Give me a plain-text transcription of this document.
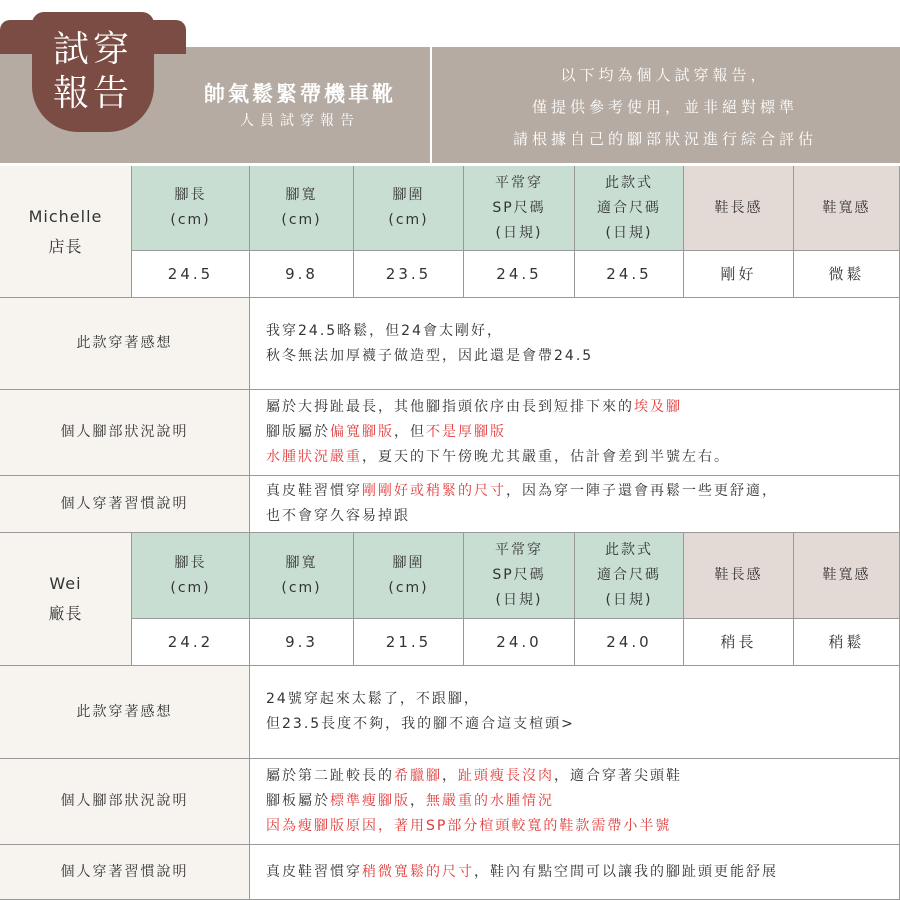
試穿
報告	帥氣鬆緊帶機車靴
人員試穿報告
以下均為個人試穿報告，
僅提供參考使用，並非絕對標準
請根據自己的腳部狀況進行綜合評估
Michelle
店長
腳長
(cm)
24.5
腳寬
(cm)
9.8
腳圍
(cm)
23.5
平常穿
SP尺碼
(日規)
24.5
此款式
適合尺碼
(日規)
24.5
鞋長感
剛好
鞋寬感
微鬆
此款穿著感想
我穿24.5略鬆，但24會太剛好，
秋冬無法加厚襪子做造型，因此還是會帶24.5
個人腳部狀況說明
屬於大拇趾最長，其他腳指頭依序由長到短排下來的埃及腳
腳版屬於偏寬腳版，但不是厚腳版
水腫狀況嚴重，夏天的下午傍晚尤其嚴重，估計會差到半號左右。
個人穿著習慣說明
真皮鞋習慣穿剛剛好或稍緊的尺寸，因為穿一陣子還會再鬆一些更舒適，
也不會穿久容易掉跟
Wei
廠長
腳長
(cm)
24.2
腳寬
(cm)
9.3
腳圍
(cm)
21.5
平常穿
SP尺碼
(日規)
24.0
此款式
適合尺碼
(日規)
24.0
鞋長感
稍長
鞋寬感
稍鬆
此款穿著感想
24號穿起來太鬆了，不跟腳，
但23.5長度不夠，我的腳不適合這支楦頭>
個人腳部狀況說明
屬於第二趾較長的希臘腳，趾頭瘦長沒肉，適合穿著尖頭鞋
腳板屬於標準瘦腳版，無嚴重的水腫情況
因為瘦腳版原因，著用SP部分楦頭較寬的鞋款需帶小半號
個人穿著習慣說明	真皮鞋習慣穿稍微寬鬆的尺寸，鞋內有點空間可以讓我的腳趾頭更能舒展
